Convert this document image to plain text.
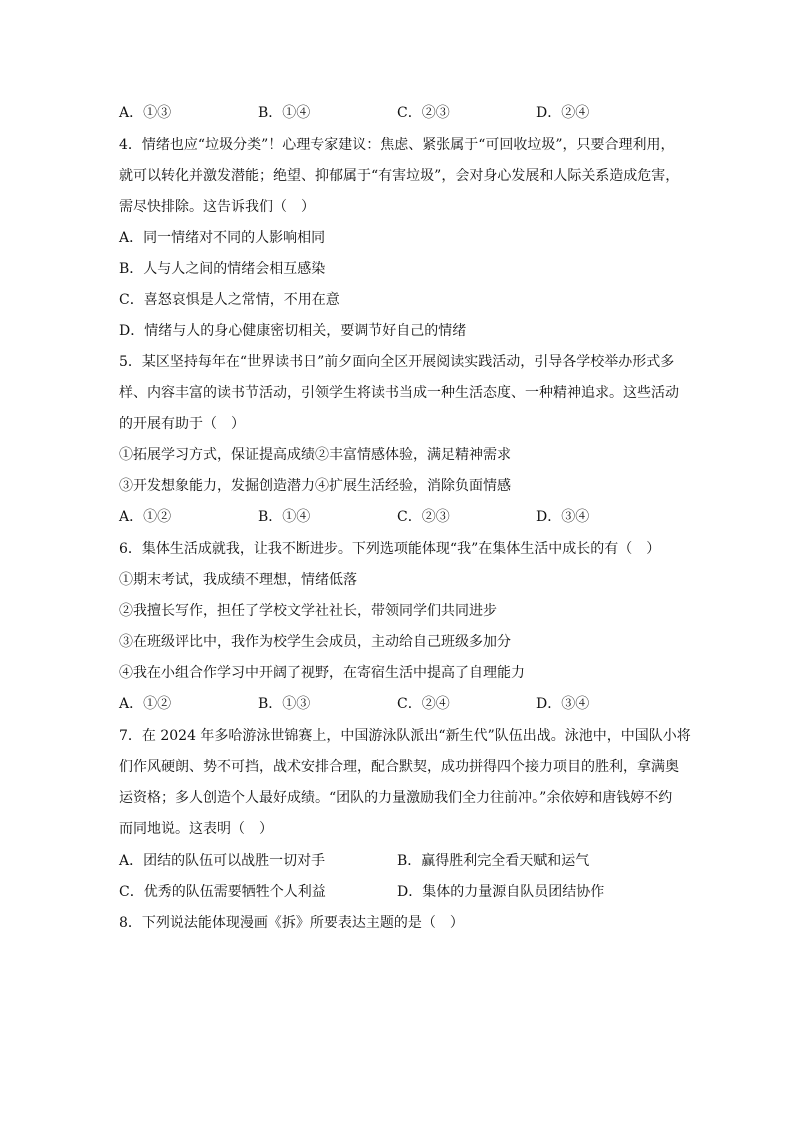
A．①③	B．①④	C．②③	D．②④
4．情绪也应“垃圾分类”！心理专家建议：焦虑、紧张属于“可回收垃圾”，只要合理利用，
就可以转化并激发潜能；绝望、抑郁属于“有害垃圾”，会对身心发展和人际关系造成危害，
需尽快排除。这告诉我们（　）
A．同一情绪对不同的人影响相同
B．人与人之间的情绪会相互感染
C．喜怒哀惧是人之常情，不用在意
D．情绪与人的身心健康密切相关，要调节好自己的情绪
5．某区坚持每年在“世界读书日”前夕面向全区开展阅读实践活动，引导各学校举办形式多
样、内容丰富的读书节活动，引领学生将读书当成一种生活态度、一种精神追求。这些活动
的开展有助于（　）
①拓展学习方式，保证提高成绩②丰富情感体验，满足精神需求
③开发想象能力，发掘创造潜力④扩展生活经验，消除负面情感
A．①②	B．①④	C．②③	D．③④
6．集体生活成就我，让我不断进步。下列选项能体现“我”在集体生活中成长的有（　）
①期末考试，我成绩不理想，情绪低落
②我擅长写作，担任了学校文学社社长，带领同学们共同进步
③在班级评比中，我作为校学生会成员，主动给自己班级多加分
④我在小组合作学习中开阔了视野，在寄宿生活中提高了自理能力
A．①②	B．①③	C．②④	D．③④
7．在 2024 年多哈游泳世锦赛上，中国游泳队派出“新生代”队伍出战。泳池中，中国队小将
们作风硬朗、势不可挡，战术安排合理，配合默契，成功拼得四个接力项目的胜利，拿满奥
运资格；多人创造个人最好成绩。“团队的力量激励我们全力往前冲。”余依婷和唐钱婷不约
而同地说。这表明（　）
A．团结的队伍可以战胜一切对手	B．赢得胜利完全看天赋和运气
C．优秀的队伍需要牺牲个人利益	D．集体的力量源自队员团结协作
8．下列说法能体现漫画《拆》所要表达主题的是（　）
